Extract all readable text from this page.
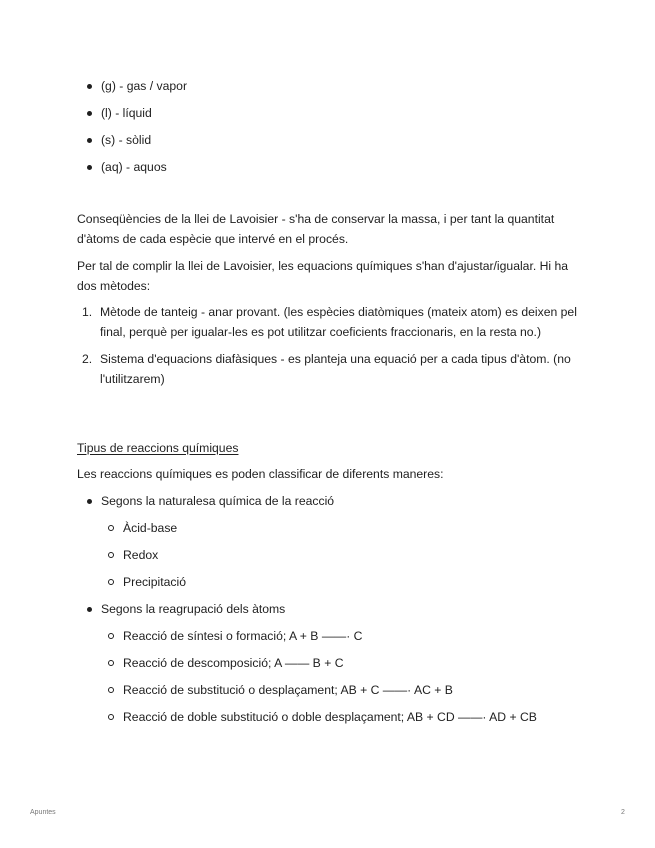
(g) - gas / vapor
(l) - líquid
(s) - sòlid
(aq) - aquos

Conseqüències de la llei de Lavoisier - s'ha de conservar la massa, i per tant la quantitat d'àtoms de cada espècie que intervé en el procés.

Per tal de complir la llei de Lavoisier, les equacions químiques s'han d'ajustar/igualar. Hi ha dos mètodes:

1. Mètode de tanteig - anar provant. (les espècies diatòmiques (mateix atom) es deixen pel final, perquè per igualar-les es pot utilitzar coeficients fraccionaris, en la resta no.)
2. Sistema d'equacions diafàsiques - es planteja una equació per a cada tipus d'àtom. (no l'utilitzarem)
Tipus de reaccions químiques

Les reaccions químiques es poden classificar de diferents maneres:

Segons la naturalesa química de la reacció
Àcid-base
Redox
Precipitació
Segons la reagrupació dels àtoms
Reacció de síntesi o formació; A + B ——· C
Reacció de descomposició; A —— B + C
Reacció de substitució o desplaçament; AB + C ——· AC + B
Reacció de doble substitució o doble desplaçament; AB + CD ——· AD + CB
Apuntes	2
